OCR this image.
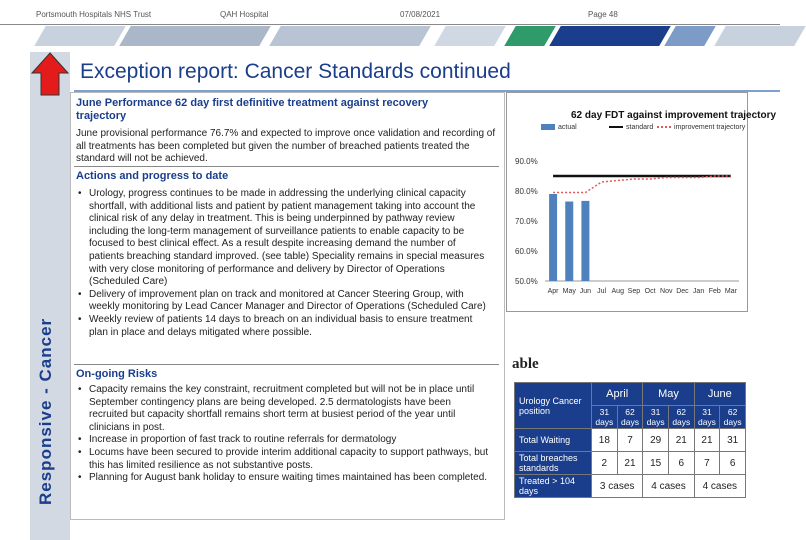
Portsmouth Hospitals NHS Trust	QAH Hospital	07/08/2021	Page 48
Responsive - Cancer
Exception report: Cancer Standards continued
June Performance 62 day first definitive treatment against recovery trajectory
June provisional performance 76.7% and expected to improve once validation and recording of all treatments has been completed but given the number of breached patients treated the standard will not be achieved.
Actions and progress to date
• Urology, progress continues to be made in addressing the underlying clinical capacity shortfall, with additional lists and patient by patient management taking into account the clinical risk of any delay in treatment. This is being underpinned by pathway review including the long-term management of surveillance patients to enable capacity to be focused to best clinical effect. As a result despite increasing demand the number of patients breaching standard improved. (see table) Speciality remains in special measures with very close monitoring of performance and delivery by Director of Operations (Scheduled Care)
• Delivery of improvement plan on track and monitored at Cancer Steering Group, with weekly monitoring by Lead Cancer Manager and Director of Operations (Scheduled Care)
• Weekly review of patients 14 days to breach on an individual basis to ensure treatment plan in place and delays mitigated where possible.
On-going Risks
• Capacity remains the key constraint, recruitment completed but will not be in place until September contingency plans are being developed. 2.5 dermatologists have been recruited but capacity shortfall remains short term at busiest period of the year until clinicians in post.
• Increase in proportion of fast track to routine referrals for dermatology
• Locums have been secured to provide interim additional capacity to support pathways, but this has limited resilience as not substantive posts.
• Planning for August bank holiday to ensure waiting times maintained has been completed.
62 day FDT against improvement trajectory
actual	standard	improvement trajectory
90.0%
80.0%
70.0%
60.0%
50.0%
Apr May Jun Jul Aug Sep Oct Nov Dec Jan Feb Mar
able
Urology Cancer position	April		May		June	
	31 days	62 days	31 days	62 days	31 days	62 days
Total Waiting	18	7	29	21	21	31
Total breaches standards	2	21	15	6	7	6
Treated > 104 days	3 cases		4 cases		4 cases	
